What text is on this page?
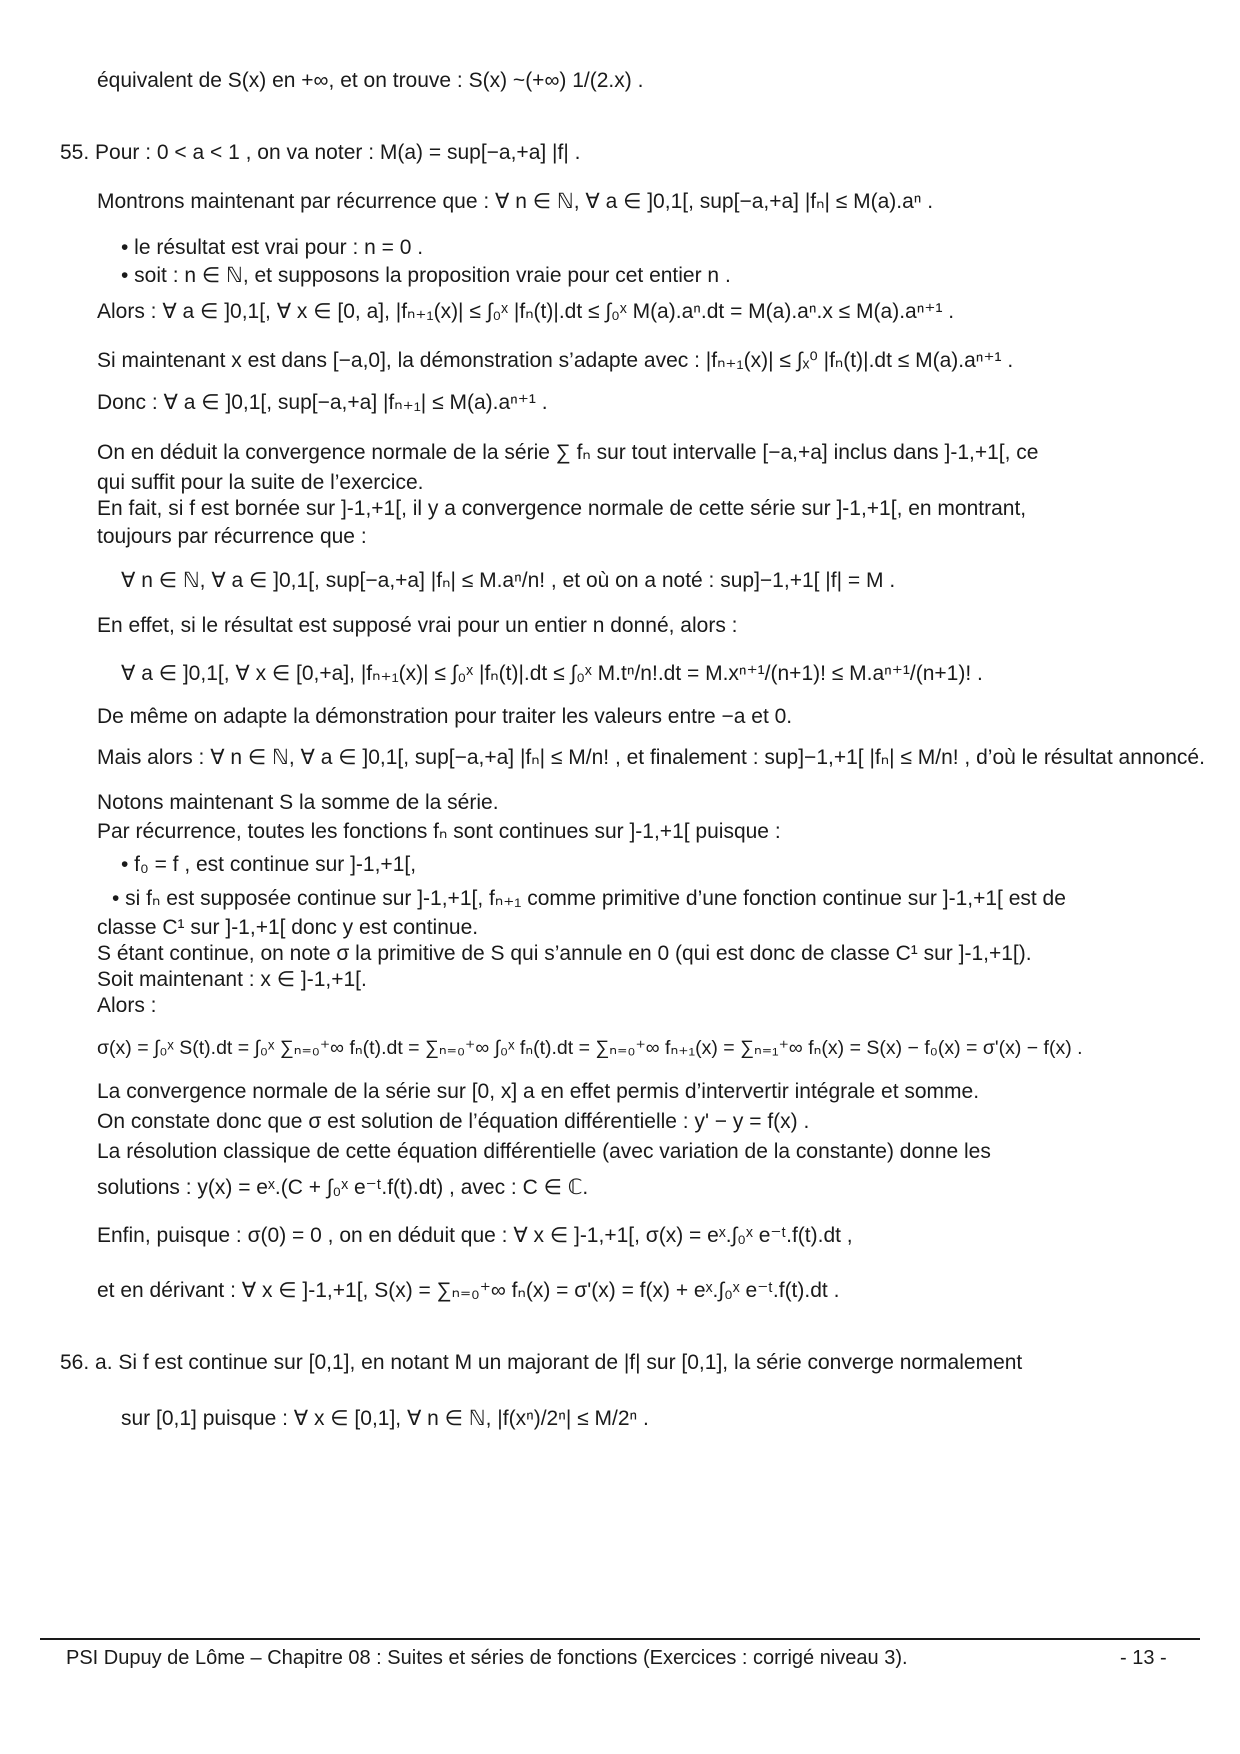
équivalent de S(x) en +∞, et on trouve : S(x) ~(+∞) 1/(2.x) .
55. Pour : 0 < a < 1 , on va noter : M(a) = sup[−a,+a] |f| .
Montrons maintenant par récurrence que : ∀ n ∈ ℕ, ∀ a ∈ ]0,1[, sup[−a,+a] |fₙ| ≤ M(a).aⁿ .
• le résultat est vrai pour : n = 0 .
• soit : n ∈ ℕ, et supposons la proposition vraie pour cet entier n .
Alors : ∀ a ∈ ]0,1[, ∀ x ∈ [0, a], |fₙ₊₁(x)| ≤ ∫₀ˣ |fₙ(t)|.dt ≤ ∫₀ˣ M(a).aⁿ.dt = M(a).aⁿ.x ≤ M(a).aⁿ⁺¹ .
Si maintenant x est dans [−a,0], la démonstration s’adapte avec : |fₙ₊₁(x)| ≤ ∫ₓ⁰ |fₙ(t)|.dt ≤ M(a).aⁿ⁺¹ .
Donc : ∀ a ∈ ]0,1[, sup[−a,+a] |fₙ₊₁| ≤ M(a).aⁿ⁺¹ .
On en déduit la convergence normale de la série ∑ fₙ sur tout intervalle [−a,+a] inclus dans ]-1,+1[, ce
qui suffit pour la suite de l’exercice.
En fait, si f est bornée sur ]-1,+1[, il y a convergence normale de cette série sur ]-1,+1[, en montrant,
toujours par récurrence que :
∀ n ∈ ℕ, ∀ a ∈ ]0,1[, sup[−a,+a] |fₙ| ≤ M.aⁿ/n! , et où on a noté : sup]−1,+1[ |f| = M .
En effet, si le résultat est supposé vrai pour un entier n donné, alors :
∀ a ∈ ]0,1[, ∀ x ∈ [0,+a], |fₙ₊₁(x)| ≤ ∫₀ˣ |fₙ(t)|.dt ≤ ∫₀ˣ M.tⁿ/n!.dt = M.xⁿ⁺¹/(n+1)! ≤ M.aⁿ⁺¹/(n+1)! .
De même on adapte la démonstration pour traiter les valeurs entre −a et 0.
Mais alors : ∀ n ∈ ℕ, ∀ a ∈ ]0,1[, sup[−a,+a] |fₙ| ≤ M/n! , et finalement : sup]−1,+1[ |fₙ| ≤ M/n! , d’où le résultat annoncé.
Notons maintenant S la somme de la série.
Par récurrence, toutes les fonctions fₙ sont continues sur ]-1,+1[ puisque :
• f₀ = f , est continue sur ]-1,+1[,
• si fₙ est supposée continue sur ]-1,+1[, fₙ₊₁ comme primitive d’une fonction continue sur ]-1,+1[ est de
classe C¹ sur ]-1,+1[ donc y est continue.
S étant continue, on note σ la primitive de S qui s’annule en 0 (qui est donc de classe C¹ sur ]-1,+1[).
Soit maintenant : x ∈ ]-1,+1[.
Alors :
σ(x) = ∫₀ˣ S(t).dt = ∫₀ˣ ∑ₙ₌₀⁺∞ fₙ(t).dt = ∑ₙ₌₀⁺∞ ∫₀ˣ fₙ(t).dt = ∑ₙ₌₀⁺∞ fₙ₊₁(x) = ∑ₙ₌₁⁺∞ fₙ(x) = S(x) − f₀(x) = σ'(x) − f(x) .
La convergence normale de la série sur [0, x] a en effet permis d’intervertir intégrale et somme.
On constate donc que σ est solution de l’équation différentielle : y' − y = f(x) .
La résolution classique de cette équation différentielle (avec variation de la constante) donne les
solutions : y(x) = eˣ.(C + ∫₀ˣ e⁻ᵗ.f(t).dt) , avec : C ∈ ℂ.
Enfin, puisque : σ(0) = 0 , on en déduit que : ∀ x ∈ ]-1,+1[, σ(x) = eˣ.∫₀ˣ e⁻ᵗ.f(t).dt ,
et en dérivant : ∀ x ∈ ]-1,+1[, S(x) = ∑ₙ₌₀⁺∞ fₙ(x) = σ'(x) = f(x) + eˣ.∫₀ˣ e⁻ᵗ.f(t).dt .
56. a. Si f est continue sur [0,1], en notant M un majorant de |f| sur [0,1], la série converge normalement
sur [0,1] puisque : ∀ x ∈ [0,1], ∀ n ∈ ℕ, |f(xⁿ)/2ⁿ| ≤ M/2ⁿ .
PSI Dupuy de Lôme – Chapitre 08 : Suites et séries de fonctions (Exercices : corrigé niveau 3).	- 13 -
